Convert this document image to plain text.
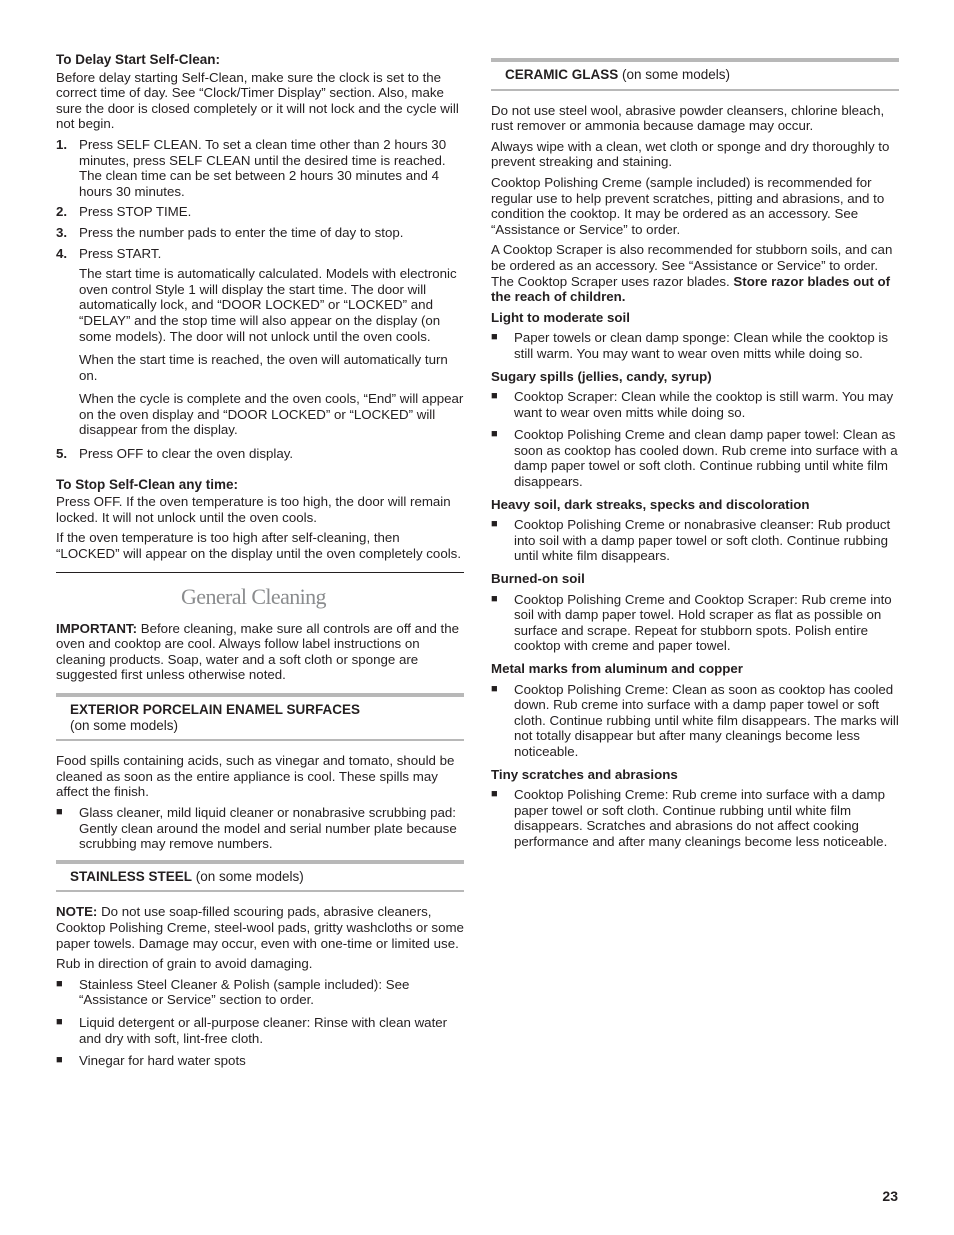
To Delay Start Self-Clean:

Before delay starting Self-Clean, make sure the clock is set to the correct time of day. See “Clock/Timer Display” section. Also, make sure the door is closed completely or it will not lock and the cycle will not begin.

1. Press SELF CLEAN. To set a clean time other than 2 hours 30 minutes, press SELF CLEAN until the desired time is reached. The clean time can be set between 2 hours 30 minutes and 4 hours 30 minutes.
2. Press STOP TIME.
3. Press the number pads to enter the time of day to stop.
4. Press START.
The start time is automatically calculated. Models with electronic oven control Style 1 will display the start time. The door will automatically lock, and “DOOR LOCKED” or “LOCKED” and “DELAY” and the stop time will also appear on the display (on some models). The door will not unlock until the oven cools.
When the start time is reached, the oven will automatically turn on.
When the cycle is complete and the oven cools, “End” will appear on the oven display and “DOOR LOCKED” or “LOCKED” will disappear from the display.
5. Press OFF to clear the oven display.
To Stop Self-Clean any time:

Press OFF. If the oven temperature is too high, the door will remain locked. It will not unlock until the oven cools.

If the oven temperature is too high after self-cleaning, then “LOCKED” will appear on the display until the oven completely cools.

General Cleaning

IMPORTANT: Before cleaning, make sure all controls are off and the oven and cooktop are cool. Always follow label instructions on cleaning products. Soap, water and a soft cloth or sponge are suggested first unless otherwise noted.

EXTERIOR PORCELAIN ENAMEL SURFACES
(on some models)

Food spills containing acids, such as vinegar and tomato, should be cleaned as soon as the entire appliance is cool. These spills may affect the finish.

■ Glass cleaner, mild liquid cleaner or nonabrasive scrubbing pad: Gently clean around the model and serial number plate because scrubbing may remove numbers.
STAINLESS STEEL (on some models)

NOTE: Do not use soap-filled scouring pads, abrasive cleaners, Cooktop Polishing Creme, steel-wool pads, gritty washcloths or some paper towels. Damage may occur, even with one-time or limited use.

Rub in direction of grain to avoid damaging.

■ Stainless Steel Cleaner & Polish (sample included): See “Assistance or Service” section to order.
■ Liquid detergent or all-purpose cleaner: Rinse with clean water and dry with soft, lint-free cloth.
■ Vinegar for hard water spots
CERAMIC GLASS (on some models)

Do not use steel wool, abrasive powder cleansers, chlorine bleach, rust remover or ammonia because damage may occur.

Always wipe with a clean, wet cloth or sponge and dry thoroughly to prevent streaking and staining.

Cooktop Polishing Creme (sample included) is recommended for regular use to help prevent scratches, pitting and abrasions, and to condition the cooktop. It may be ordered as an accessory. See “Assistance or Service” to order.

A Cooktop Scraper is also recommended for stubborn soils, and can be ordered as an accessory. See “Assistance or Service” to order. The Cooktop Scraper uses razor blades. Store razor blades out of the reach of children.

Light to moderate soil
■ Paper towels or clean damp sponge: Clean while the cooktop is still warm. You may want to wear oven mitts while doing so.
Sugary spills (jellies, candy, syrup)
■ Cooktop Scraper: Clean while the cooktop is still warm. You may want to wear oven mitts while doing so.
■ Cooktop Polishing Creme and clean damp paper towel: Clean as soon as cooktop has cooled down. Rub creme into surface with a damp paper towel or soft cloth. Continue rubbing until white film disappears.
Heavy soil, dark streaks, specks and discoloration
■ Cooktop Polishing Creme or nonabrasive cleanser: Rub product into soil with a damp paper towel or soft cloth. Continue rubbing until white film disappears.
Burned-on soil
■ Cooktop Polishing Creme and Cooktop Scraper: Rub creme into soil with damp paper towel. Hold scraper as flat as possible on surface and scrape. Repeat for stubborn spots. Polish entire cooktop with creme and paper towel.
Metal marks from aluminum and copper
■ Cooktop Polishing Creme: Clean as soon as cooktop has cooled down. Rub creme into surface with a damp paper towel or soft cloth. Continue rubbing until white film disappears. The marks will not totally disappear but after many cleanings become less noticeable.
Tiny scratches and abrasions
■ Cooktop Polishing Creme: Rub creme into surface with a damp paper towel or soft cloth. Continue rubbing until white film disappears. Scratches and abrasions do not affect cooking performance and after many cleanings become less noticeable.
23
